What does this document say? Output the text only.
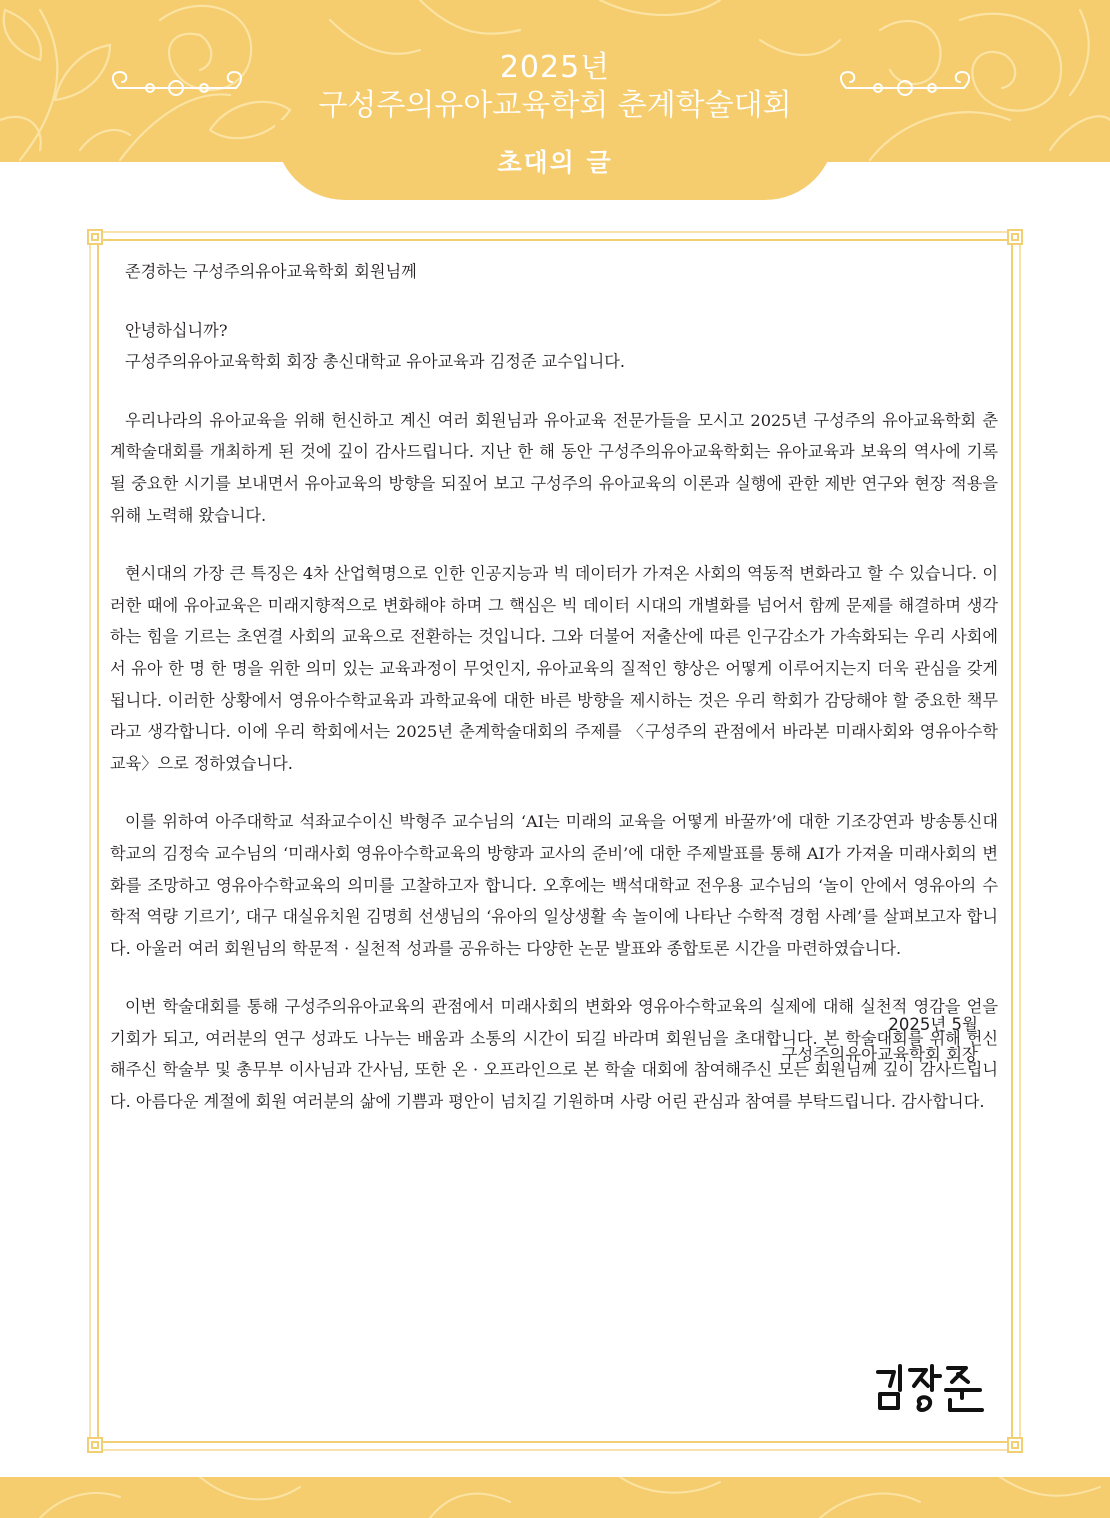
2025년
구성주의유아교육학회 춘계학술대회
초대의 글

존경하는 구성주의유아교육학회 회원님께

안녕하십니까?

구성주의유아교육학회 회장 총신대학교 유아교육과 김정준 교수입니다.

우리나라의 유아교육을 위해 헌신하고 계신 여러 회원님과 유아교육 전문가들을 모시고 2025년 구성주의 유아교육학회 춘계학술대회를 개최하게 된 것에 깊이 감사드립니다. 지난 한 해 동안 구성주의유아교육학회는 유아교육과 보육의 역사에 기록될 중요한 시기를 보내면서 유아교육의 방향을 되짚어 보고 구성주의 유아교육의 이론과 실행에 관한 제반 연구와 현장 적용을 위해 노력해 왔습니다.

현시대의 가장 큰 특징은 4차 산업혁명으로 인한 인공지능과 빅 데이터가 가져온 사회의 역동적 변화라고 할 수 있습니다. 이러한 때에 유아교육은 미래지향적으로 변화해야 하며 그 핵심은 빅 데이터 시대의 개별화를 넘어서 함께 문제를 해결하며 생각하는 힘을 기르는 초연결 사회의 교육으로 전환하는 것입니다. 그와 더불어 저출산에 따른 인구감소가 가속화되는 우리 사회에서 유아 한 명 한 명을 위한 의미 있는 교육과정이 무엇인지, 유아교육의 질적인 향상은 어떻게 이루어지는지 더욱 관심을 갖게 됩니다. 이러한 상황에서 영유아수학교육과 과학교육에 대한 바른 방향을 제시하는 것은 우리 학회가 감당해야 할 중요한 책무라고 생각합니다. 이에 우리 학회에서는 2025년 춘계학술대회의 주제를 〈구성주의 관점에서 바라본 미래사회와 영유아수학교육〉으로 정하였습니다.

이를 위하여 아주대학교 석좌교수이신 박형주 교수님의 ‘AI는 미래의 교육을 어떻게 바꿀까’에 대한 기조강연과 방송통신대학교의 김정숙 교수님의 ‘미래사회 영유아수학교육의 방향과 교사의 준비’에 대한 주제발표를 통해 AI가 가져올 미래사회의 변화를 조망하고 영유아수학교육의 의미를 고찰하고자 합니다. 오후에는 백석대학교 전우용 교수님의 ‘놀이 안에서 영유아의 수학적 역량 기르기’, 대구 대실유치원 김명희 선생님의 ‘유아의 일상생활 속 놀이에 나타난 수학적 경험 사례’를 살펴보고자 합니다. 아울러 여러 회원님의 학문적 · 실천적 성과를 공유하는 다양한 논문 발표와 종합토론 시간을 마련하였습니다.

이번 학술대회를 통해 구성주의유아교육의 관점에서 미래사회의 변화와 영유아수학교육의 실제에 대해 실천적 영감을 얻을 기회가 되고, 여러분의 연구 성과도 나누는 배움과 소통의 시간이 되길 바라며 회원님을 초대합니다. 본 학술대회를 위해 헌신해주신 학술부 및 총무부 이사님과 간사님, 또한 온 · 오프라인으로 본 학술 대회에 참여해주신 모든 회원님께 깊이 감사드립니다. 아름다운 계절에 회원 여러분의 삶에 기쁨과 평안이 넘치길 기원하며 사랑 어린 관심과 참여를 부탁드립니다. 감사합니다.

2025년 5월
구성주의유아교육학회 회장
